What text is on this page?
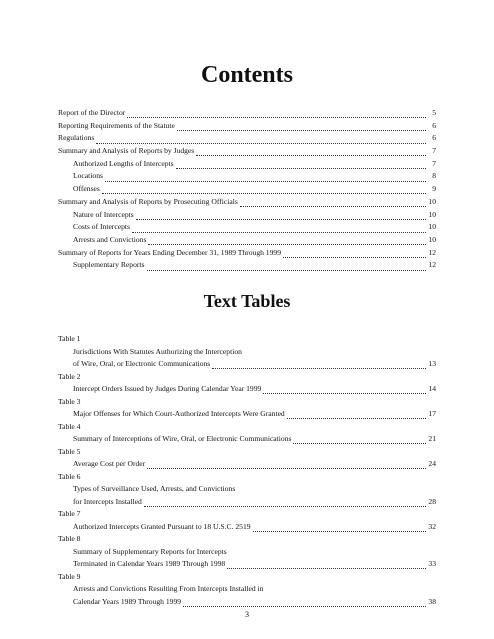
Contents
Report of the Director	5
Reporting Requirements of the Statute	6
Regulations	6
Summary and Analysis of Reports by Judges	7
Authorized Lengths of Intercepts	7
Locations	8
Offenses	9
Summary and Analysis of Reports by Prosecuting Officials	10
Nature of Intercepts	10
Costs of Intercepts	10
Arrests and Convictions	10
Summary of Reports for Years Ending December 31, 1989 Through 1999	12
Supplementary Reports	12
Text Tables
Table 1
Jurisdictions With Statutes Authorizing the Interception
of Wire, Oral, or Electronic Communications	13
Table 2
Intercept Orders Issued by Judges During Calendar Year 1999	14
Table 3
Major Offenses for Which Court-Authorized Intercepts Were Granted	17
Table 4
Summary of Interceptions of Wire, Oral, or Electronic Communications	21
Table 5
Average Cost per Order	24
Table 6
Types of Surveillance Used, Arrests, and Convictions
for Intercepts Installed	28
Table 7
Authorized Intercepts Granted Pursuant to 18 U.S.C. 2519	32
Table 8
Summary of Supplementary Reports for Intercepts
Terminated in Calendar Years 1989 Through 1998	33
Table 9
Arrests and Convictions Resulting From Intercepts Installed in
Calendar Years 1989 Through 1999	38
3
